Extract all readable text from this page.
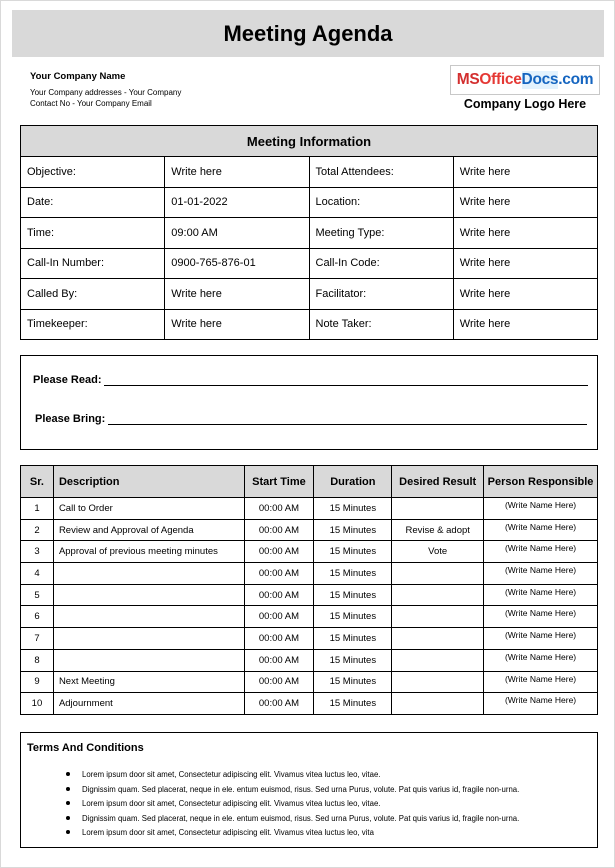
Meeting Agenda
Your Company Name
Your Company addresses - Your Company
Contact No - Your Company Email
MS Office Docs .com
Company Logo Here
Meeting Information			
Objective:	Write here	Total Attendees:	Write here
Date:	01-01-2022	Location:	Write here
Time:	09:00 AM	Meeting Type:	Write here
Call-In Number:	0900-765-876-01	Call-In Code:	Write here
Called By:	Write here	Facilitator:	Write here
Timekeeper:	Write here	Note Taker:	Write here
Please Read:
Please Bring:
Sr.	Description	Start Time	Duration	Desired Result	Person Responsible
1	Call to Order	00:00 AM	15 Minutes		(Write Name Here)
2	Review and Approval of Agenda	00:00 AM	15 Minutes	Revise & adopt	(Write Name Here)
3	Approval of previous meeting minutes	00:00 AM	15 Minutes	Vote	(Write Name Here)
4		00:00 AM	15 Minutes		(Write Name Here)
5		00:00 AM	15 Minutes		(Write Name Here)
6		00:00 AM	15 Minutes		(Write Name Here)
7		00:00 AM	15 Minutes		(Write Name Here)
8		00:00 AM	15 Minutes		(Write Name Here)
9	Next Meeting	00:00 AM	15 Minutes		(Write Name Here)
10	Adjournment	00:00 AM	15 Minutes		(Write Name Here)
Terms And Conditions
Lorem ipsum door sit amet, Consectetur adipiscing elit. Vivamus vitea luctus leo, vitae.
Dignissim quam. Sed placerat, neque in ele. entum euismod, risus. Sed urna Purus, volute. Pat quis varius id, fragile non-urna.
Lorem ipsum door sit amet, Consectetur adipiscing elit. Vivamus vitea luctus leo, vitae.
Dignissim quam. Sed placerat, neque in ele. entum euismod, risus. Sed urna Purus, volute. Pat quis varius id, fragile non-urna.
Lorem ipsum door sit amet, Consectetur adipiscing elit. Vivamus vitea luctus leo, vita
